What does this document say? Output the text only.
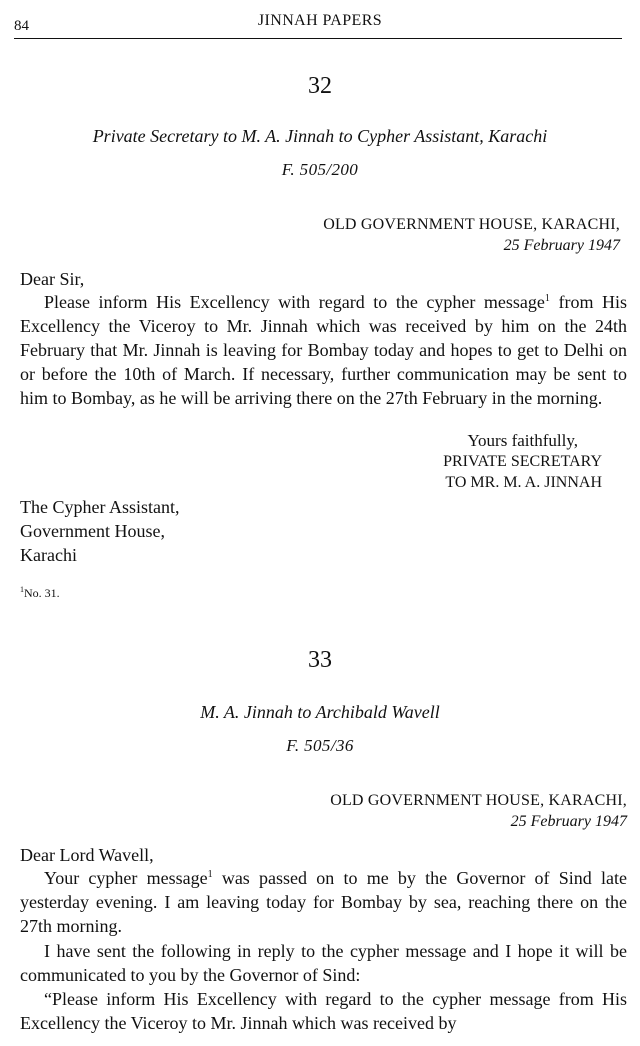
84	JINNAH PAPERS
32
Private Secretary to M. A. Jinnah to Cypher Assistant, Karachi
F. 505/200
OLD GOVERNMENT HOUSE, KARACHI,
25 February 1947
Dear Sir,

Please inform His Excellency with regard to the cypher message$^1$ from His Excellency the Viceroy to Mr. Jinnah which was received by him on the 24th February that Mr. Jinnah is leaving for Bombay today and hopes to get to Delhi on or before the 10th of March. If necessary, further communication may be sent to him to Bombay, as he will be arriving there on the 27th February in the morning.

Yours faithfully,
PRIVATE SECRETARY
TO MR. M. A. JINNAH
The Cypher Assistant,
Government House,
Karachi
$^1$No. 31.
33
M. A. Jinnah to Archibald Wavell
F. 505/36
OLD GOVERNMENT HOUSE, KARACHI,
25 February 1947
Dear Lord Wavell,

Your cypher message$^1$ was passed on to me by the Governor of Sind late yesterday evening. I am leaving today for Bombay by sea, reaching there on the 27th morning.

I have sent the following in reply to the cypher message and I hope it will be communicated to you by the Governor of Sind:

“Please inform His Excellency with regard to the cypher message from His Excellency the Viceroy to Mr. Jinnah which was received by
